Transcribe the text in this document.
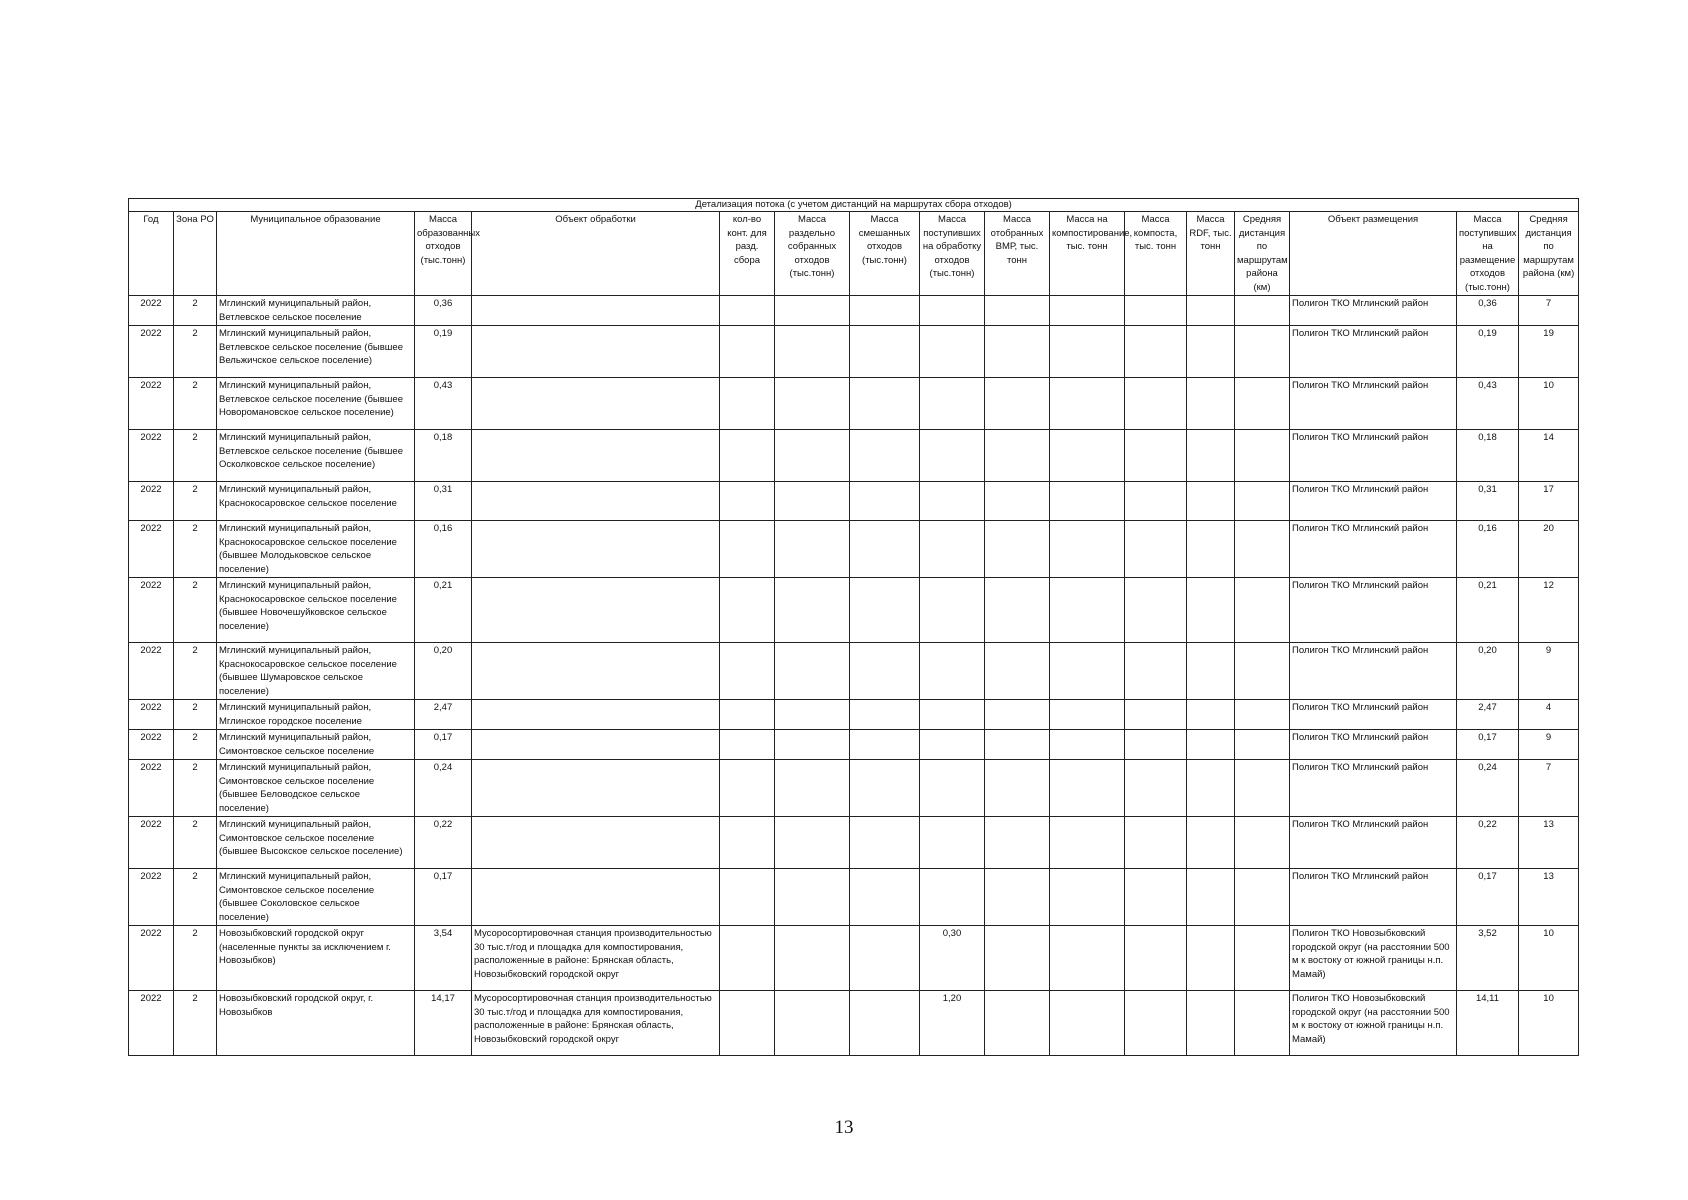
Детализация потока (с учетом дистанций на маршрутах сбора отходов)																
Год	Зона РО	Муниципальное образование	Масса образованных отходов (тыс.тонн)	Объект обработки	кол-во конт. для разд. сбора	Масса раздельно собранных отходов (тыс.тонн)	Масса смешанных отходов (тыс.тонн)	Масса поступивших на обработку отходов (тыс.тонн)	Масса отобранных ВМР, тыс. тонн	Масса на компостирование, тыс. тонн	Масса компоста, тыс. тонн	Масса RDF, тыс. тонн	Средняя дистанция по маршрутам района (км)	Объект размещения	Масса поступивших на размещение отходов (тыс.тонн)	Средняя дистанция по маршрутам района (км)
2022	2	Мглинский муниципальный район, Ветлевское сельское поселение	0,36											Полигон ТКО Мглинский район	0,36	7
2022	2	Мглинский муниципальный район, Ветлевское сельское поселение (бывшее Вельжичское сельское поселение)	0,19											Полигон ТКО Мглинский район	0,19	19
2022	2	Мглинский муниципальный район, Ветлевское сельское поселение (бывшее Новоромановское сельское поселение)	0,43											Полигон ТКО Мглинский район	0,43	10
2022	2	Мглинский муниципальный район, Ветлевское сельское поселение (бывшее Осколковское сельское поселение)	0,18											Полигон ТКО Мглинский район	0,18	14
2022	2	Мглинский муниципальный район, Краснокосаровское сельское поселение	0,31											Полигон ТКО Мглинский район	0,31	17
2022	2	Мглинский муниципальный район, Краснокосаровское сельское поселение (бывшее Молодьковское сельское поселение)	0,16											Полигон ТКО Мглинский район	0,16	20
2022	2	Мглинский муниципальный район, Краснокосаровское сельское поселение (бывшее Новочешуйковское сельское поселение)	0,21											Полигон ТКО Мглинский район	0,21	12
2022	2	Мглинский муниципальный район, Краснокосаровское сельское поселение (бывшее Шумаровское сельское поселение)	0,20											Полигон ТКО Мглинский район	0,20	9
2022	2	Мглинский муниципальный район, Мглинское городское поселение	2,47											Полигон ТКО Мглинский район	2,47	4
2022	2	Мглинский муниципальный район, Симонтовское сельское поселение	0,17											Полигон ТКО Мглинский район	0,17	9
2022	2	Мглинский муниципальный район, Симонтовское сельское поселение (бывшее Беловодское сельское поселение)	0,24											Полигон ТКО Мглинский район	0,24	7
2022	2	Мглинский муниципальный район, Симонтовское сельское поселение (бывшее Высокское сельское поселение)	0,22											Полигон ТКО Мглинский район	0,22	13
2022	2	Мглинский муниципальный район, Симонтовское сельское поселение (бывшее Соколовское сельское поселение)	0,17											Полигон ТКО Мглинский район	0,17	13
2022	2	Новозыбковский городской округ (населенные пункты за исключением г. Новозыбков)	3,54	Мусоросортировочная станция производительностью 30 тыс.т/год и площадка для компостирования, расположенные в районе: Брянская область, Новозыбковский городской округ				0,30						Полигон ТКО Новозыбковский городской округ (на расстоянии 500 м к востоку от южной границы н.п. Мамай)	3,52	10
2022	2	Новозыбковский городской округ, г. Новозыбков	14,17	Мусоросортировочная станция производительностью 30 тыс.т/год и площадка для компостирования, расположенные в районе: Брянская область, Новозыбковский городской округ				1,20						Полигон ТКО Новозыбковский городской округ (на расстоянии 500 м к востоку от южной границы н.п. Мамай)	14,11	10
13
